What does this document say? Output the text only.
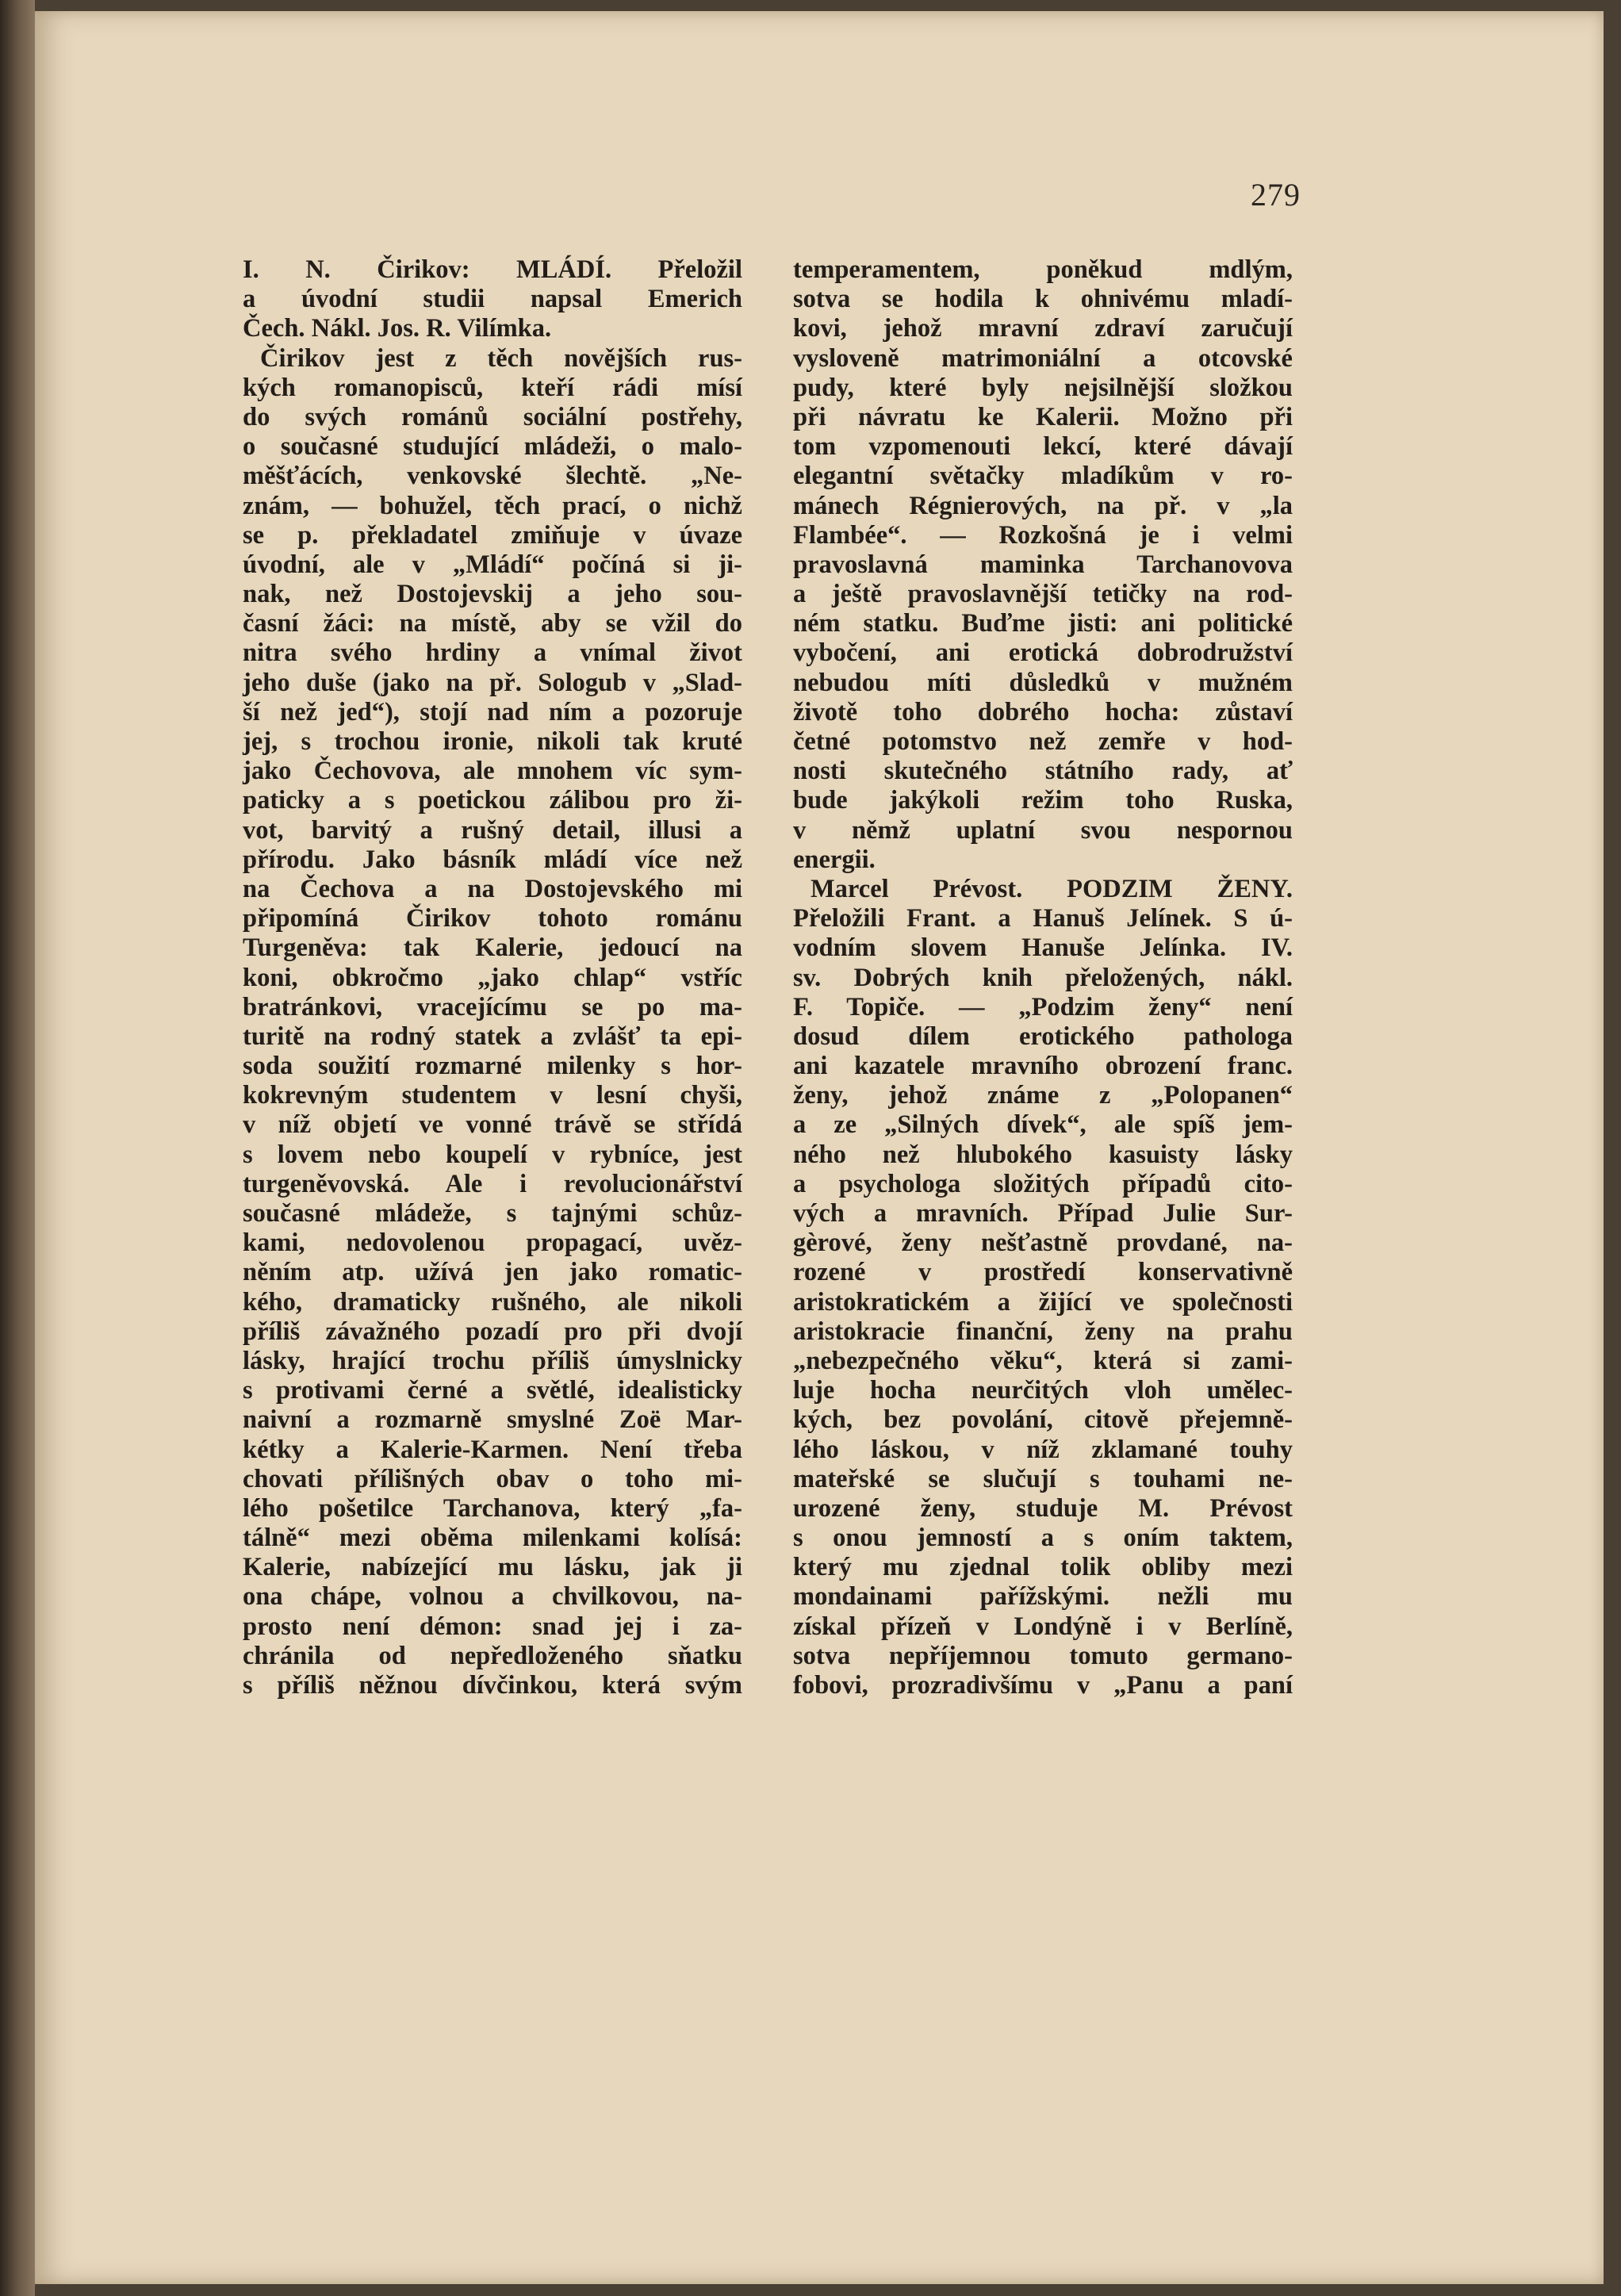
279
I. N. Čirikov: MLÁDÍ. Přeložil
a úvodní studii napsal Emerich
Čech. Nákl. Jos. R. Vilímka.
Čirikov jest z těch novějších rus-
kých romanopisců, kteří rádi mísí
do svých románů sociální postřehy,
o současné studující mládeži, o malo-
měšťácích, venkovské šlechtě. „Ne-
znám, — bohužel, těch prací, o nichž
se p. překladatel zmiňuje v úvaze
úvodní, ale v „Mládí“ počíná si ji-
nak, než Dostojevskij a jeho sou-
časní žáci: na místě, aby se vžil do
nitra svého hrdiny a vnímal život
jeho duše (jako na př. Sologub v „Slad-
ší než jed“), stojí nad ním a pozoruje
jej, s trochou ironie, nikoli tak kruté
jako Čechovova, ale mnohem víc sym-
paticky a s poetickou zálibou pro ži-
vot, barvitý a rušný detail, illusi a
přírodu. Jako básník mládí více než
na Čechova a na Dostojevského mi
připomíná Čirikov tohoto románu
Turgeněva: tak Kalerie, jedoucí na
koni, obkročmo „jako chlap“ vstříc
bratránkovi, vracejícímu se po ma-
turitě na rodný statek a zvlášť ta epi-
soda soužití rozmarné milenky s hor-
kokrevným studentem v lesní chyši,
v níž objetí ve vonné trávě se střídá
s lovem nebo koupelí v rybníce, jest
turgeněvovská. Ale i revolucionářství
současné mládeže, s tajnými schůz-
kami, nedovolenou propagací, uvěz-
něním atp. užívá jen jako romatic-
kého, dramaticky rušného, ale nikoli
příliš závažného pozadí pro při dvojí
lásky, hrající trochu příliš úmyslnicky
s protivami černé a světlé, idealisticky
naivní a rozmarně smyslné Zoë Mar-
kétky a Kalerie-Karmen. Není třeba
chovati přílišných obav o toho mi-
lého pošetilce Tarchanova, který „fa-
tálně“ mezi oběma milenkami kolísá:
Kalerie, nabízející mu lásku, jak ji
ona chápe, volnou a chvilkovou, na-
prosto není démon: snad jej i za-
chránila od nepředloženého sňatku
s příliš něžnou dívčinkou, která svým
temperamentem, poněkud mdlým,
sotva se hodila k ohnivému mladí-
kovi, jehož mravní zdraví zaručují
vysloveně matrimoniální a otcovské
pudy, které byly nejsilnější složkou
při návratu ke Kalerii. Možno při
tom vzpomenouti lekcí, které dávají
elegantní světačky mladíkům v ro-
mánech Régnierových, na př. v „la
Flambée“. — Rozkošná je i velmi
pravoslavná maminka Tarchanovova
a ještě pravoslavnější tetičky na rod-
ném statku. Buďme jisti: ani politické
vybočení, ani erotická dobrodružství
nebudou míti důsledků v mužném
životě toho dobrého hocha: zůstaví
četné potomstvo než zemře v hod-
nosti skutečného státního rady, ať
bude jakýkoli režim toho Ruska,
v němž uplatní svou nespornou
energii.
Marcel Prévost. PODZIM ŽENY.
Přeložili Frant. a Hanuš Jelínek. S ú-
vodním slovem Hanuše Jelínka. IV.
sv. Dobrých knih přeložených, nákl.
F. Topiče. — „Podzim ženy“ není
dosud dílem erotického pathologa
ani kazatele mravního obrození franc.
ženy, jehož známe z „Polopanen“
a ze „Silných dívek“, ale spíš jem-
ného než hlubokého kasuisty lásky
a psychologa složitých případů cito-
vých a mravních. Případ Julie Sur-
gèrové, ženy nešťastně provdané, na-
rozené v prostředí konservativně
aristokratickém a žijící ve společnosti
aristokracie finanční, ženy na prahu
„nebezpečného věku“, která si zami-
luje hocha neurčitých vloh umělec-
kých, bez povolání, citově přejemně-
lého láskou, v níž zklamané touhy
mateřské se slučují s touhami ne-
urozené ženy, studuje M. Prévost
s onou jemností a s oním taktem,
který mu zjednal tolik obliby mezi
mondainami pařížskými. nežli mu
získal přízeň v Londýně i v Berlíně,
sotva nepříjemnou tomuto germano-
fobovi, prozradivšímu v „Panu a paní
